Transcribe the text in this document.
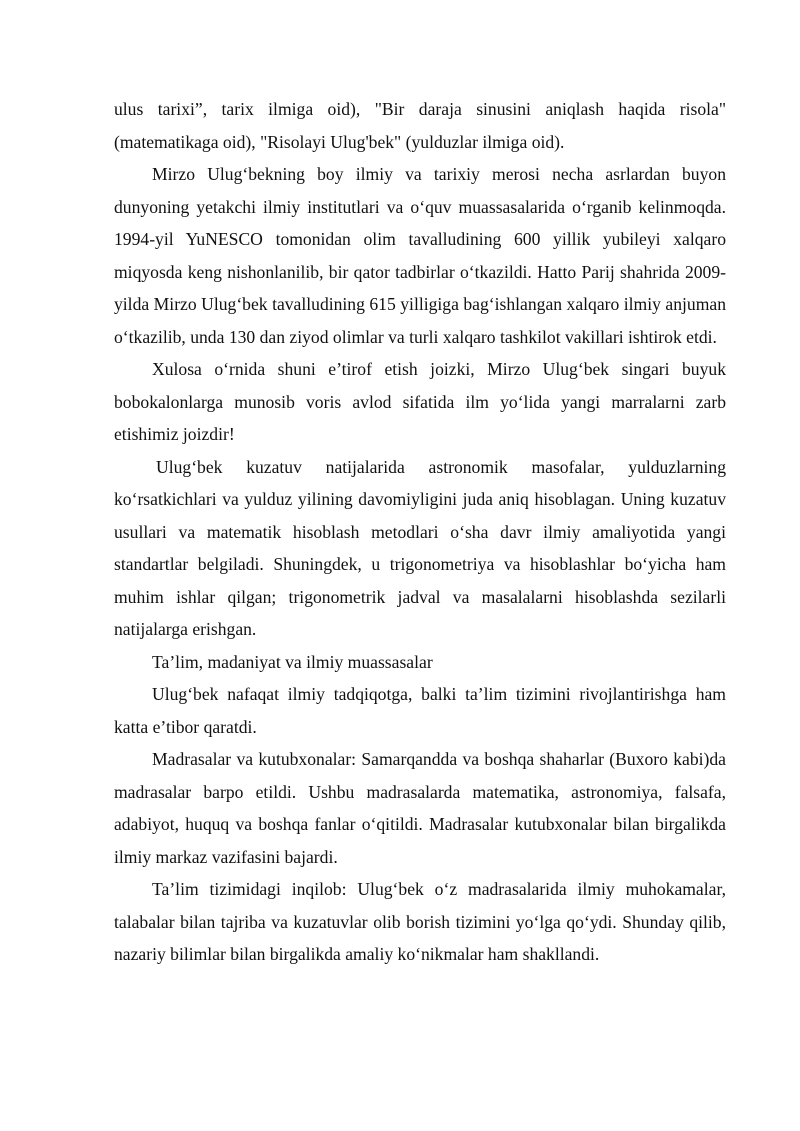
ulus tarixi”, tarix ilmiga oid), "Bir daraja sinusini aniqlash haqida risola" (matematikaga oid), "Risolayi Ulug'bek" (yulduzlar ilmiga oid).

Mirzo Ulug‘bekning boy ilmiy va tarixiy merosi necha asrlardan buyon dunyoning yetakchi ilmiy institutlari va o‘quv muassasalarida o‘rganib kelinmoqda. 1994-yil YuNESCO tomonidan olim tavalludining 600 yillik yubileyi xalqaro miqyosda keng nishonlanilib, bir qator tadbirlar o‘tkazildi. Hatto Parij shahrida 2009-yilda Mirzo Ulug‘bek tavalludining 615 yilligiga bag‘ishlangan xalqaro ilmiy anjuman o‘tkazilib, unda 130 dan ziyod olimlar va turli xalqaro tashkilot vakillari ishtirok etdi.

Xulosa o‘rnida shuni e’tirof etish joizki, Mirzo Ulug‘bek singari buyuk bobokalonlarga munosib voris avlod sifatida ilm yo‘lida yangi marralarni zarb etishimiz joizdir!

Ulug‘bek kuzatuv natijalarida astronomik masofalar, yulduzlarning ko‘rsatkichlari va yulduz yilining davomiyligini juda aniq hisoblagan. Uning kuzatuv usullari va matematik hisoblash metodlari o‘sha davr ilmiy amaliyotida yangi standartlar belgiladi. Shuningdek, u trigonometriya va hisoblashlar bo‘yicha ham muhim ishlar qilgan; trigonometrik jadval va masalalarni hisoblashda sezilarli natijalarga erishgan.

Ta’lim, madaniyat va ilmiy muassasalar

Ulug‘bek nafaqat ilmiy tadqiqotga, balki ta’lim tizimini rivojlantirishga ham katta e’tibor qaratdi.

Madrasalar va kutubxonalar: Samarqandda va boshqa shaharlar (Buxoro kabi)da madrasalar barpo etildi. Ushbu madrasalarda matematika, astronomiya, falsafa, adabiyot, huquq va boshqa fanlar o‘qitildi. Madrasalar kutubxonalar bilan birgalikda ilmiy markaz vazifasini bajardi.

Ta’lim tizimidagi inqilob: Ulug‘bek o‘z madrasalarida ilmiy muhokamalar, talabalar bilan tajriba va kuzatuvlar olib borish tizimini yo‘lga qo‘ydi. Shunday qilib, nazariy bilimlar bilan birgalikda amaliy ko‘nikmalar ham shakllandi.
